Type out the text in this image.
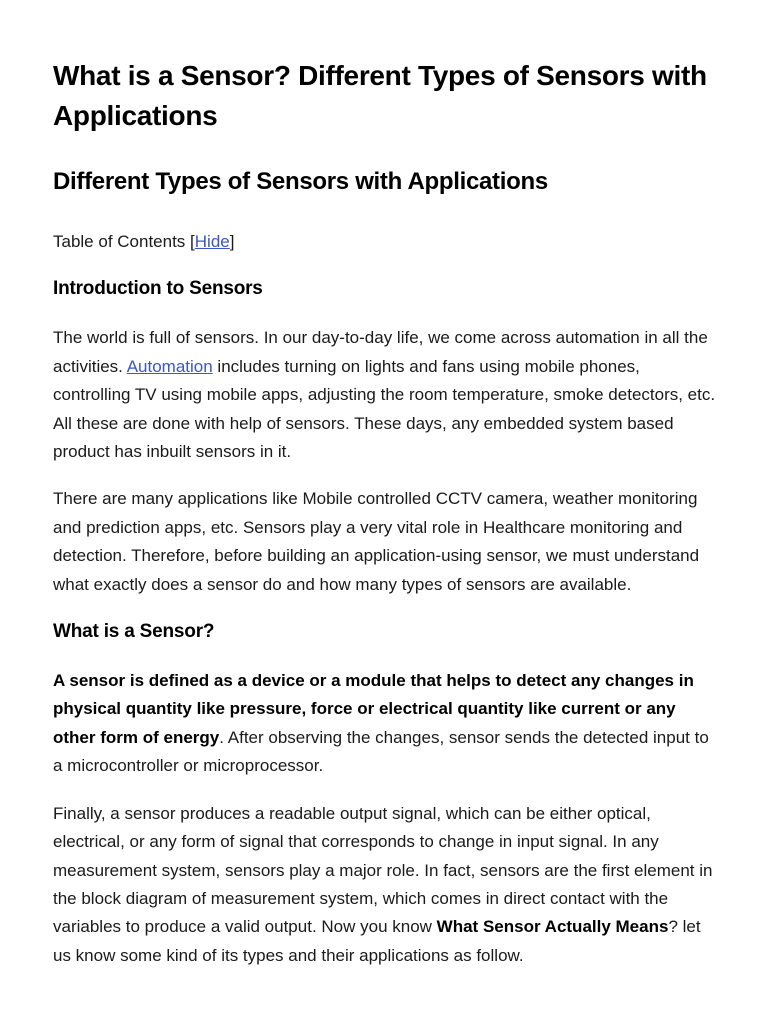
What is a Sensor? Different Types of Sensors with Applications
Different Types of Sensors with Applications
Table of Contents [Hide]
Introduction to Sensors

The world is full of sensors. In our day-to-day life, we come across automation in all the activities. Automation includes turning on lights and fans using mobile phones, controlling TV using mobile apps, adjusting the room temperature, smoke detectors, etc. All these are done with help of sensors. These days, any embedded system based product has inbuilt sensors in it.

There are many applications like Mobile controlled CCTV camera, weather monitoring and prediction apps, etc. Sensors play a very vital role in Healthcare monitoring and detection. Therefore, before building an application-using sensor, we must understand what exactly does a sensor do and how many types of sensors are available.

What is a Sensor?

A sensor is defined as a device or a module that helps to detect any changes in physical quantity like pressure, force or electrical quantity like current or any other form of energy. After observing the changes, sensor sends the detected input to a microcontroller or microprocessor.

Finally, a sensor produces a readable output signal, which can be either optical, electrical, or any form of signal that corresponds to change in input signal. In any measurement system, sensors play a major role. In fact, sensors are the first element in the block diagram of measurement system, which comes in direct contact with the variables to produce a valid output. Now you know What Sensor Actually Means? let us know some kind of its types and their applications as follow.
